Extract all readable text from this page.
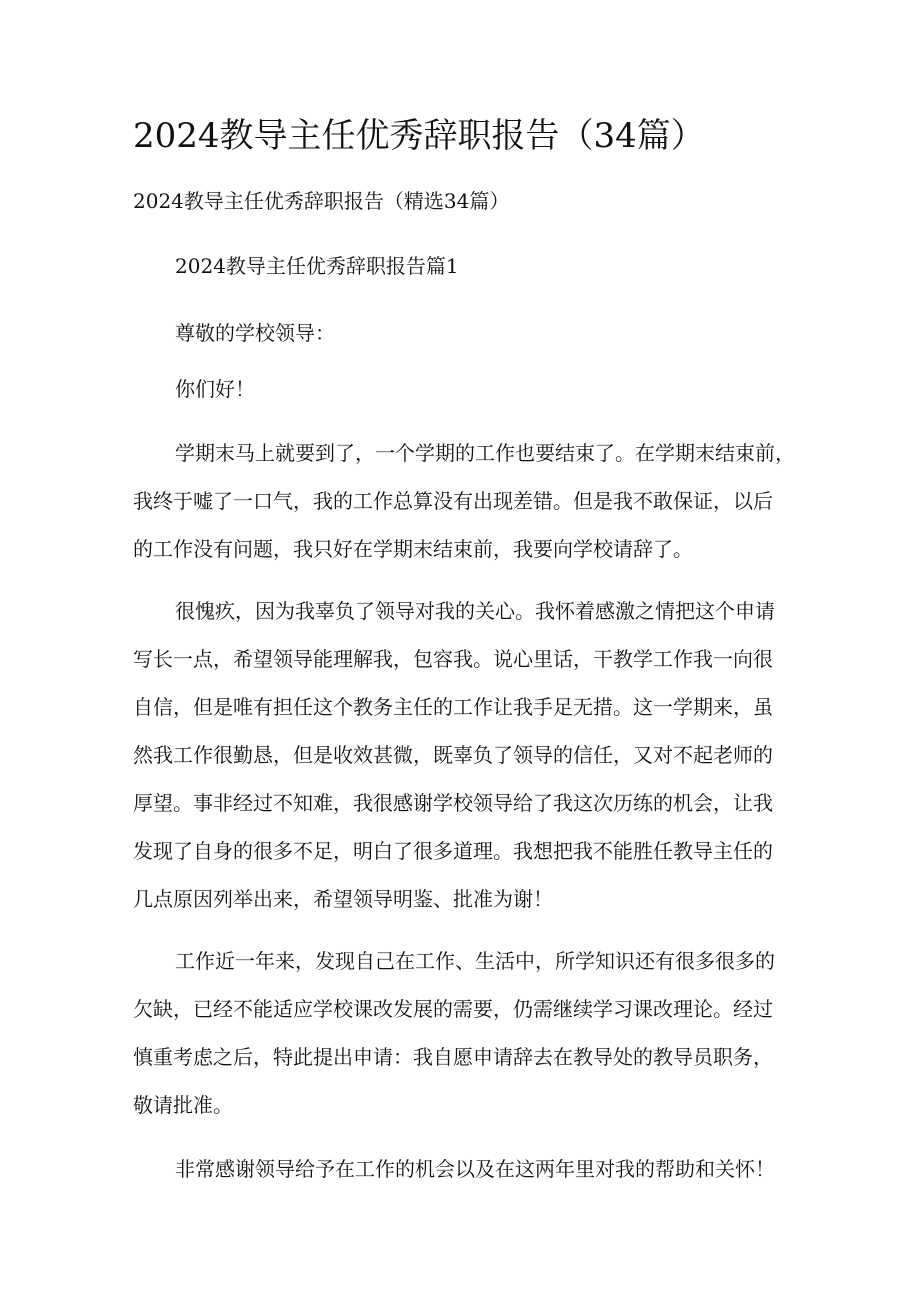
2024教导主任优秀辞职报告（34篇）
2024教导主任优秀辞职报告（精选34篇）
2024教导主任优秀辞职报告篇1
尊敬的学校领导：
你们好！
学期末马上就要到了，一个学期的工作也要结束了。在学期末结束前，
我终于嘘了一口气，我的工作总算没有出现差错。但是我不敢保证，以后
的工作没有问题，我只好在学期末结束前，我要向学校请辞了。
很愧疚，因为我辜负了领导对我的关心。我怀着感激之情把这个申请
写长一点，希望领导能理解我，包容我。说心里话，干教学工作我一向很
自信，但是唯有担任这个教务主任的工作让我手足无措。这一学期来，虽
然我工作很勤恳，但是收效甚微，既辜负了领导的信任，又对不起老师的
厚望。事非经过不知难，我很感谢学校领导给了我这次历练的机会，让我
发现了自身的很多不足，明白了很多道理。我想把我不能胜任教导主任的
几点原因列举出来，希望领导明鉴、批准为谢！
工作近一年来，发现自己在工作、生活中，所学知识还有很多很多的
欠缺，已经不能适应学校课改发展的需要，仍需继续学习课改理论。经过
慎重考虑之后，特此提出申请：我自愿申请辞去在教导处的教导员职务，
敬请批准。
非常感谢领导给予在工作的机会以及在这两年里对我的帮助和关怀！
